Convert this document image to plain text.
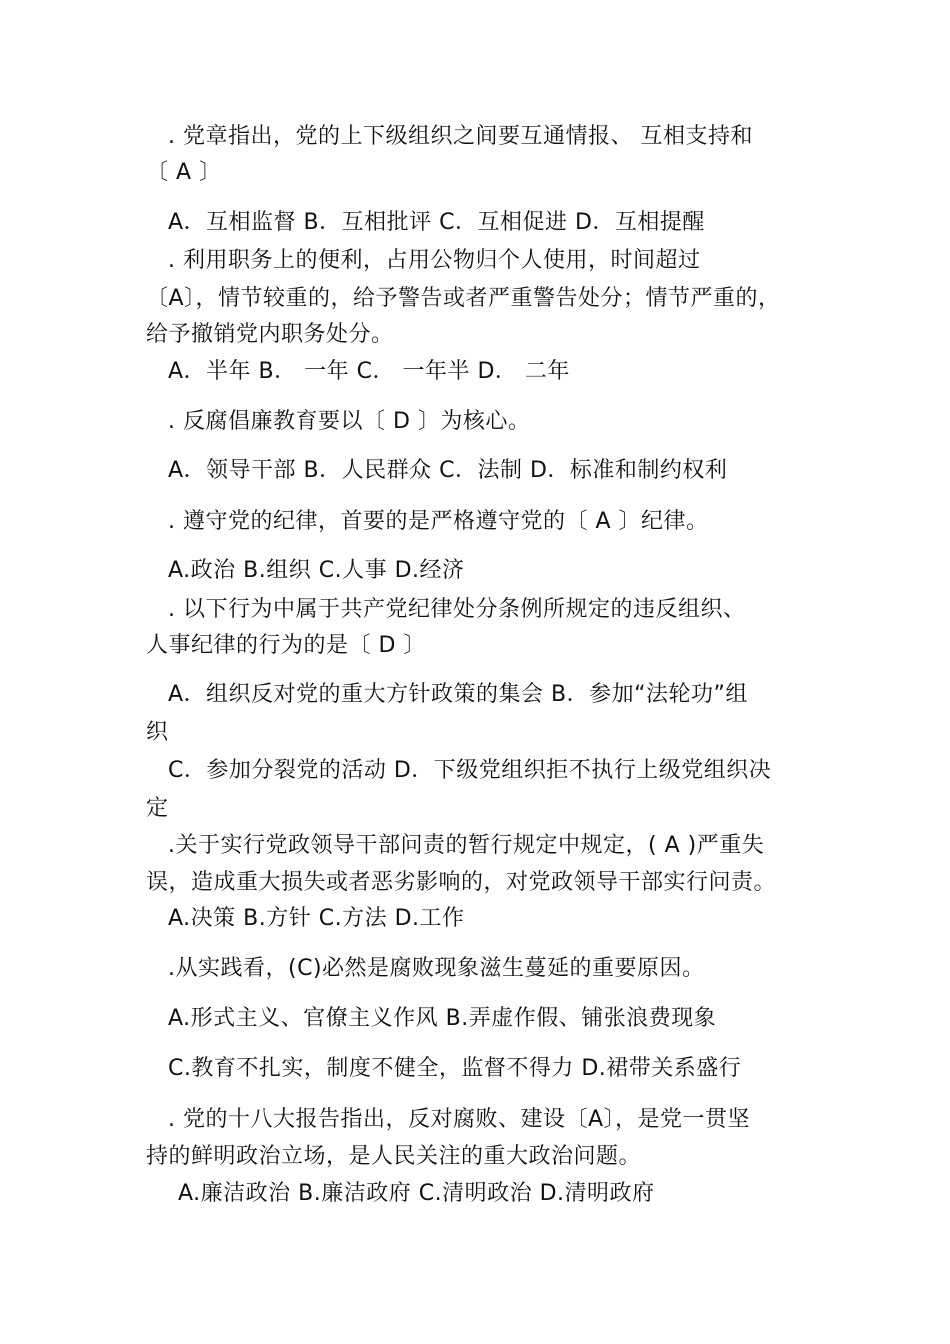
. 党章指出，党的上下级组织之间要互通情报、 互相支持和
〔 A 〕
A．互相监督 B．互相批评 C．互相促进 D．互相提醒
. 利用职务上的便利，占用公物归个人使用，时间超过
〔A〕，情节较重的，给予警告或者严重警告处分；情节严重的，
给予撤销党内职务处分。
A．半年 B． 一年 C． 一年半 D． 二年
. 反腐倡廉教育要以〔 D 〕为核心。
A．领导干部 B．人民群众 C．法制 D．标准和制约权利
. 遵守党的纪律，首要的是严格遵守党的〔 A 〕纪律。
A.政治 B.组织 C.人事 D.经济
. 以下行为中属于共产党纪律处分条例所规定的违反组织、
人事纪律的行为的是〔 D 〕
A．组织反对党的重大方针政策的集会 B．参加“法轮功”组
织
C．参加分裂党的活动 D．下级党组织拒不执行上级党组织决
定
.关于实行党政领导干部问责的暂行规定中规定，( A )严重失
误，造成重大损失或者恶劣影响的，对党政领导干部实行问责。
A.决策 B.方针 C.方法 D.工作
.从实践看，(C)必然是腐败现象滋生蔓延的重要原因。
A.形式主义、官僚主义作风 B.弄虚作假、铺张浪费现象
C.教育不扎实，制度不健全，监督不得力 D.裙带关系盛行
. 党的十八大报告指出，反对腐败、建设〔A〕，是党一贯坚
持的鲜明政治立场，是人民关注的重大政治问题。
A.廉洁政治 B.廉洁政府 C.清明政治 D.清明政府
